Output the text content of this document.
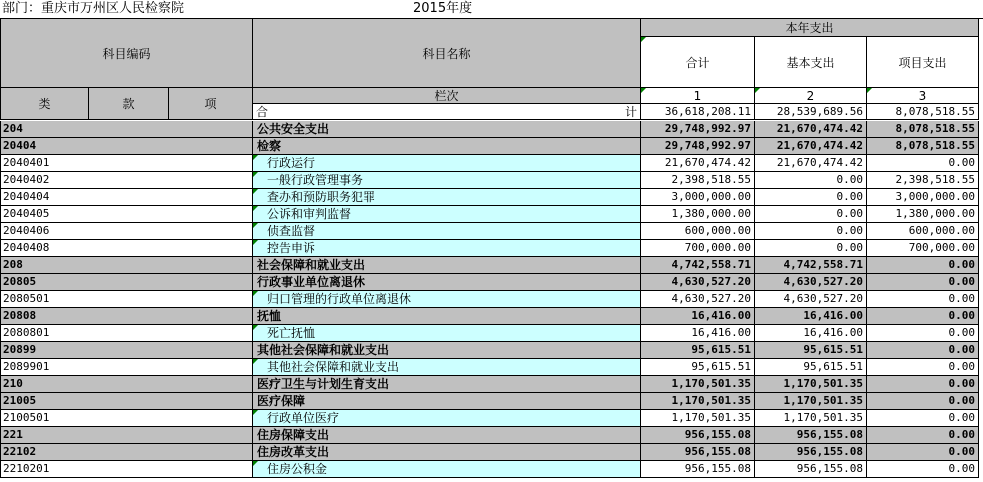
部门：重庆市万州区人民检察院	2015年度
科目编码	科目名称
本年支出
合计	基本支出	项目支出
类	款	项
栏次	1	2	3
合	计	36,618,208.11	28,539,689.56	8,078,518.55
204	公共安全支出	29,748,992.97	21,670,474.42	8,078,518.55
20404	检察	29,748,992.97	21,670,474.42	8,078,518.55
2040401	行政运行	21,670,474.42	21,670,474.42	0.00
2040402	一般行政管理事务	2,398,518.55	0.00	2,398,518.55
2040404	查办和预防职务犯罪	3,000,000.00	0.00	3,000,000.00
2040405	公诉和审判监督	1,380,000.00	0.00	1,380,000.00
2040406	侦查监督	600,000.00	0.00	600,000.00
2040408	控告申诉	700,000.00	0.00	700,000.00
208	社会保障和就业支出	4,742,558.71	4,742,558.71	0.00
20805	行政事业单位离退休	4,630,527.20	4,630,527.20	0.00
2080501	归口管理的行政单位离退休	4,630,527.20	4,630,527.20	0.00
20808	抚恤	16,416.00	16,416.00	0.00
2080801	死亡抚恤	16,416.00	16,416.00	0.00
20899	其他社会保障和就业支出	95,615.51	95,615.51	0.00
2089901	其他社会保障和就业支出	95,615.51	95,615.51	0.00
210	医疗卫生与计划生育支出	1,170,501.35	1,170,501.35	0.00
21005	医疗保障	1,170,501.35	1,170,501.35	0.00
2100501	行政单位医疗	1,170,501.35	1,170,501.35	0.00
221	住房保障支出	956,155.08	956,155.08	0.00
22102	住房改革支出	956,155.08	956,155.08	0.00
2210201	住房公积金	956,155.08	956,155.08	0.00
